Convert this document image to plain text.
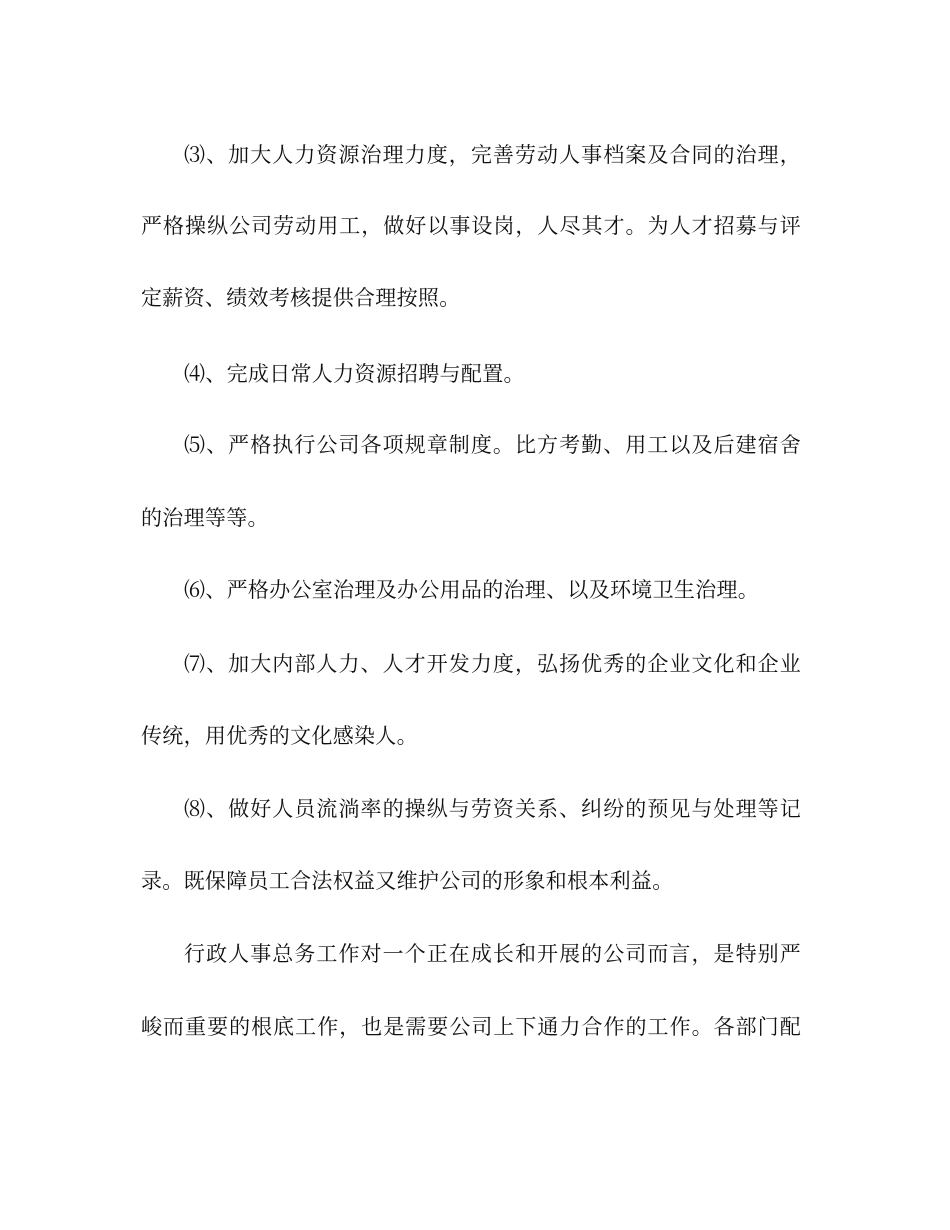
⑶、加大人力资源治理力度，完善劳动人事档案及合同的治理，

严格操纵公司劳动用工，做好以事设岗，人尽其才。为人才招募与评

定薪资、绩效考核提供合理按照。

⑷、完成日常人力资源招聘与配置。

⑸、严格执行公司各项规章制度。比方考勤、用工以及后建宿舍

的治理等等。

⑹、严格办公室治理及办公用品的治理、以及环境卫生治理。

⑺、加大内部人力、人才开发力度，弘扬优秀的企业文化和企业

传统，用优秀的文化感染人。

⑻、做好人员流淌率的操纵与劳资关系、纠纷的预见与处理等记

录。既保障员工合法权益又维护公司的形象和根本利益。

行政人事总务工作对一个正在成长和开展的公司而言，是特别严

峻而重要的根底工作，也是需要公司上下通力合作的工作。各部门配
